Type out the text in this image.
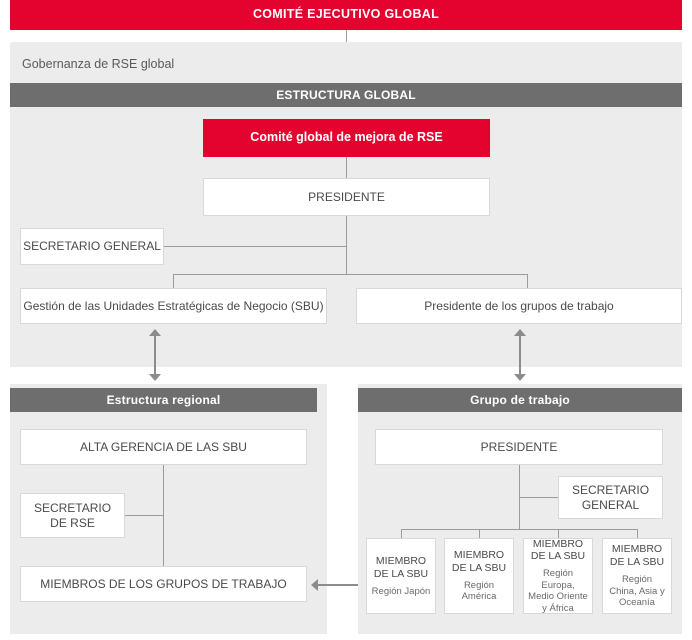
COMITÉ EJECUTIVO GLOBAL
Gobernanza de RSE global
ESTRUCTURA GLOBAL
Comité global de mejora de RSE
PRESIDENTE
SECRETARIO GENERAL
Gestión de las Unidades Estratégicas de Negocio (SBU)	Presidente de los grupos de trabajo
Estructura regional
ALTA GERENCIA DE LAS SBU
SECRETARIO
DE RSE
MIEMBROS DE LOS GRUPOS DE TRABAJO
Grupo de trabajo
PRESIDENTE
SECRETARIO
GENERAL
MIEMBRO
DE LA SBU
Región Japón
MIEMBRO
DE LA SBU
Región América
MIEMBRO
DE LA SBU
Región Europa, Medio Oriente y África
MIEMBRO
DE LA SBU
Región China, Asia y Oceanía
